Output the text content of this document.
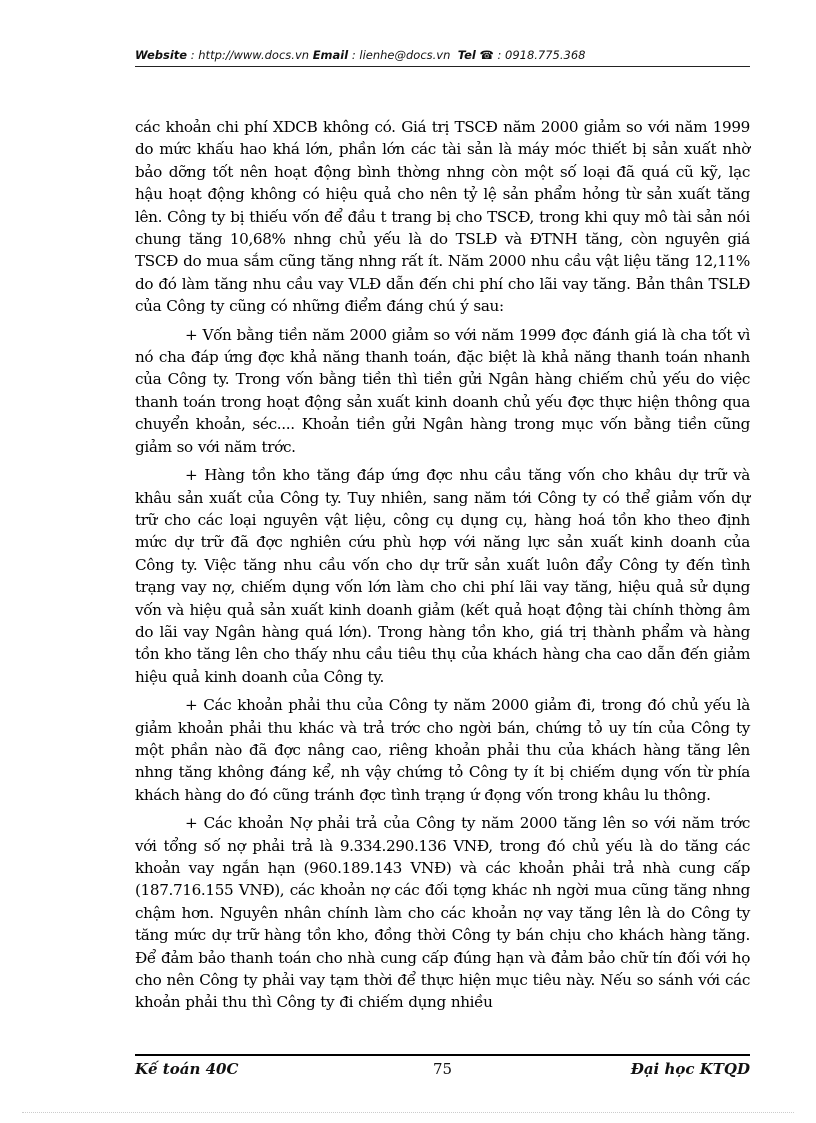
Website : http://www.docs.vn Email : lienhe@docs.vn Tel ☎ : 0918.775.368

các khoản chi phí XDCB không có. Giá trị TSCĐ năm 2000 giảm so với năm 1999 do mức khấu hao khá lớn, phần lớn các tài sản là máy móc thiết bị sản xuất nhờ bảo dỡng tốt nên hoạt động bình thờng nhng còn một số loại đã quá cũ kỹ, lạc hậu hoạt động không có hiệu quả cho nên tỷ lệ sản phẩm hỏng từ sản xuất tăng lên. Công ty bị thiếu vốn để đầu t trang bị cho TSCĐ, trong khi quy mô tài sản nói chung tăng 10,68% nhng chủ yếu là do TSLĐ và ĐTNH tăng, còn nguyên giá TSCĐ do mua sắm cũng tăng nhng rất ít. Năm 2000 nhu cầu vật liệu tăng 12,11% do đó làm tăng nhu cầu vay VLĐ dẫn đến chi phí cho lãi vay tăng. Bản thân TSLĐ của Công ty cũng có những điểm đáng chú ý sau:

+ Vốn bằng tiền năm 2000 giảm so với năm 1999 đợc đánh giá là cha tốt vì nó cha đáp ứng đợc khả năng thanh toán, đặc biệt là khả năng thanh toán nhanh của Công ty. Trong vốn bằng tiền thì tiền gửi Ngân hàng chiếm chủ yếu do việc thanh toán trong hoạt động sản xuất kinh doanh chủ yếu đợc thực hiện thông qua chuyển khoản, séc.... Khoản tiền gửi Ngân hàng trong mục vốn bằng tiền cũng giảm so với năm trớc.

+ Hàng tồn kho tăng đáp ứng đợc nhu cầu tăng vốn cho khâu dự trữ và khâu sản xuất của Công ty. Tuy nhiên, sang năm tới Công ty có thể giảm vốn dự trữ cho các loại nguyên vật liệu, công cụ dụng cụ, hàng hoá tồn kho theo định mức dự trữ đã đợc nghiên cứu phù hợp với năng lực sản xuất kinh doanh của Công ty. Việc tăng nhu cầu vốn cho dự trữ sản xuất luôn đẩy Công ty đến tình trạng vay nợ, chiếm dụng vốn lớn làm cho chi phí lãi vay tăng, hiệu quả sử dụng vốn và hiệu quả sản xuất kinh doanh giảm (kết quả hoạt động tài chính thờng âm do lãi vay Ngân hàng quá lớn). Trong hàng tồn kho, giá trị thành phẩm và hàng tồn kho tăng lên cho thấy nhu cầu tiêu thụ của khách hàng cha cao dẫn đến giảm hiệu quả kinh doanh của Công ty.

+ Các khoản phải thu của Công ty năm 2000 giảm đi, trong đó chủ yếu là giảm khoản phải thu khác và trả trớc cho ngời bán, chứng tỏ uy tín của Công ty một phần nào đã đợc nâng cao, riêng khoản phải thu của khách hàng tăng lên nhng tăng không đáng kể, nh vậy chứng tỏ Công ty ít bị chiếm dụng vốn từ phía khách hàng do đó cũng tránh đợc tình trạng ứ đọng vốn trong khâu lu thông.

+ Các khoản Nợ phải trả của Công ty năm 2000 tăng lên so với năm trớc với tổng số nợ phải trả là 9.334.290.136 VNĐ, trong đó chủ yếu là do tăng các khoản vay ngắn hạn (960.189.143 VNĐ) và các khoản phải trả nhà cung cấp (187.716.155 VNĐ), các khoản nợ các đối tợng khác nh ngời mua cũng tăng nhng chậm hơn. Nguyên nhân chính làm cho các khoản nợ vay tăng lên là do Công ty tăng mức dự trữ hàng tồn kho, đồng thời Công ty bán chịu cho khách hàng tăng. Để đảm bảo thanh toán cho nhà cung cấp đúng hạn và đảm bảo chữ tín đối với họ cho nên Công ty phải vay tạm thời để thực hiện mục tiêu này. Nếu so sánh với các khoản phải thu thì Công ty đi chiếm dụng nhiều

Kế toán 40C	75	Đại học KTQD
